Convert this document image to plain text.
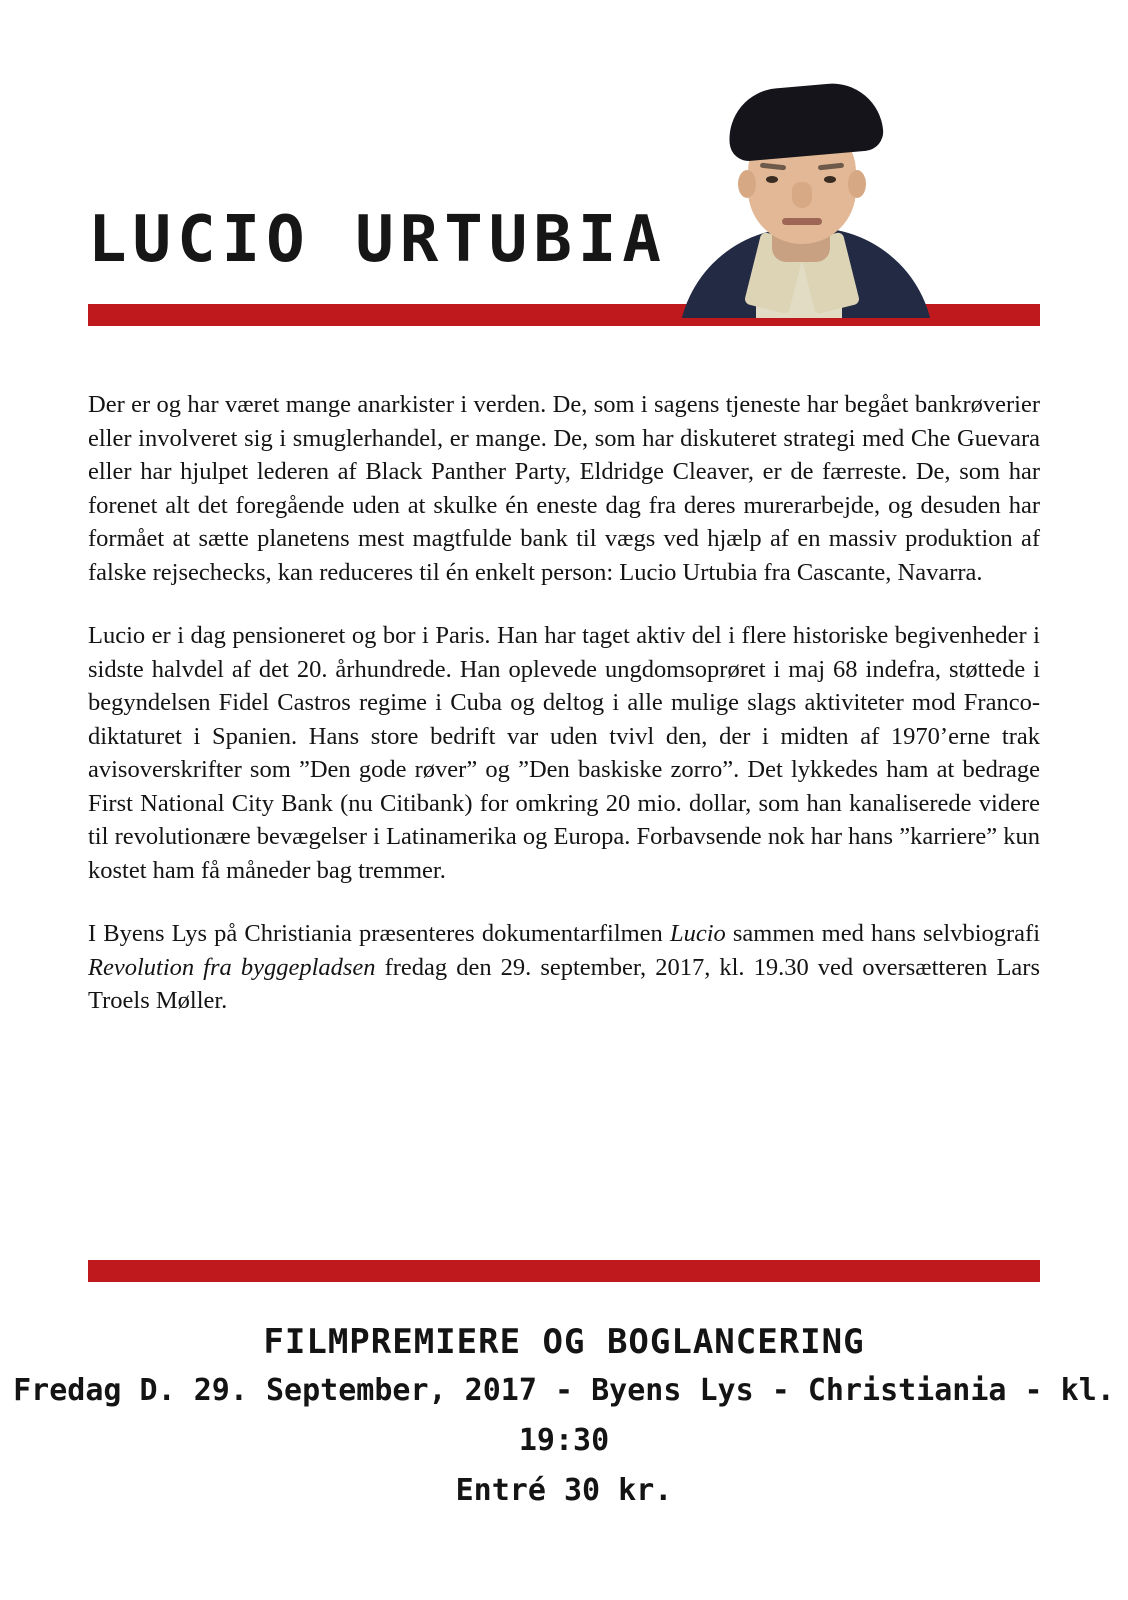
LUCIO URTUBIA

Der er og har været mange anarkister i verden. De, som i sagens tjeneste har begået bankrøverier eller involveret sig i smuglerhandel, er mange. De, som har diskuteret strategi med Che Guevara eller har hjulpet lederen af Black Panther Party, Eldridge Cleaver, er de færreste. De, som har forenet alt det foregående uden at skulke én eneste dag fra deres murerarbejde, og desuden har formået at sætte planetens mest magtfulde bank til vægs ved hjælp af en massiv produktion af falske rejsechecks, kan reduceres til én enkelt person: Lucio Urtubia fra Cascante, Navarra.

Lucio er i dag pensioneret og bor i Paris. Han har taget aktiv del i flere historiske begivenheder i sidste halvdel af det 20. århundrede. Han oplevede ungdomsoprøret i maj 68 indefra, støttede i begyndelsen Fidel Castros regime i Cuba og deltog i alle mulige slags aktiviteter mod Franco-diktaturet i Spanien. Hans store bedrift var uden tvivl den, der i midten af 1970’erne trak avisoverskrifter som ”Den gode røver” og ”Den baskiske zorro”. Det lykkedes ham at bedrage First National City Bank (nu Citibank) for omkring 20 mio. dollar, som han kanaliserede videre til revolutionære bevægelser i Latinamerika og Europa. Forbavsende nok har hans ”karriere” kun kostet ham få måneder bag tremmer.

I Byens Lys på Christiania præsenteres dokumentarfilmen Lucio sammen med hans selvbiografi Revolution fra byggepladsen fredag den 29. september, 2017, kl. 19.30 ved oversætteren Lars Troels Møller.

FILMPREMIERE OG BOGLANCERING
Fredag D. 29. September, 2017 - Byens Lys - Christiania - kl. 19:30
Entré 30 kr.
